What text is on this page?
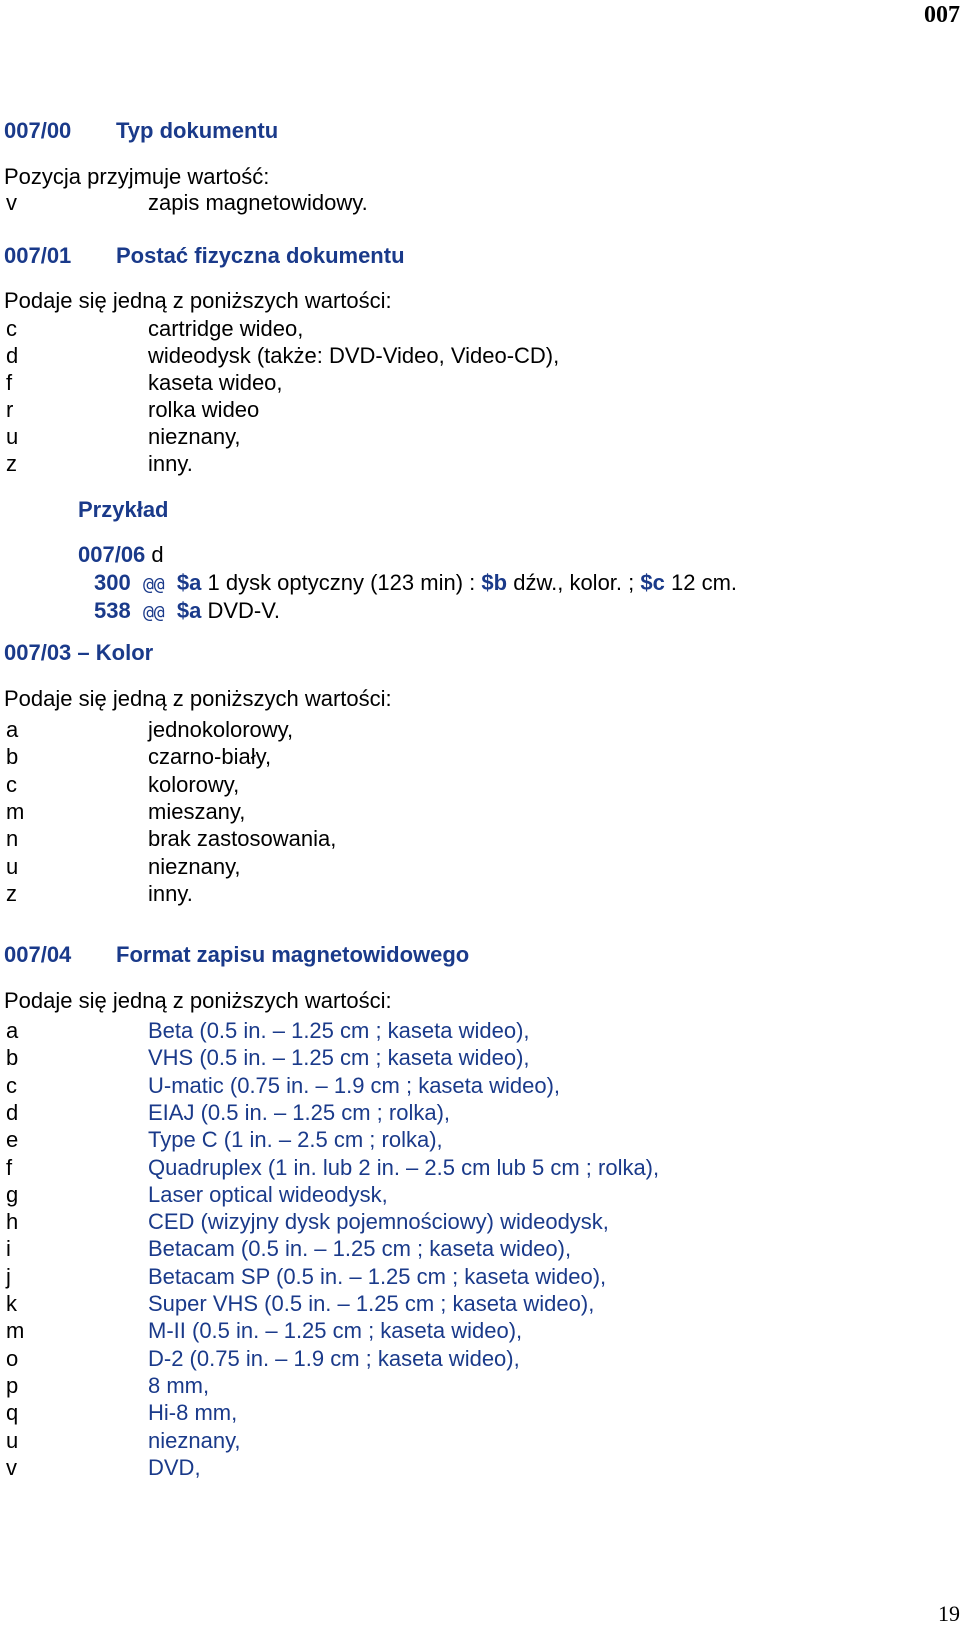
007
007/00 Typ dokumentu
Pozycja przyjmuje wartość:
v	zapis magnetowidowy.
007/01 Postać fizyczna dokumentu
Podaje się jedną z poniższych wartości:
c	cartridge wideo,
d	wideodysk (także: DVD-Video, Video-CD),
f	kaseta wideo,
r	rolka wideo
u	nieznany,
z	inny.
Przykład
007/06 d
300 @@ $a 1 dysk optyczny (123 min) : $b dźw., kolor. ; $c 12 cm.
538 @@ $a DVD-V.
007/03 – Kolor
Podaje się jedną z poniższych wartości:
a	jednokolorowy,
b	czarno-biały,
c	kolorowy,
m	mieszany,
n	brak zastosowania,
u	nieznany,
z	inny.
007/04 Format zapisu magnetowidowego
Podaje się jedną z poniższych wartości:
a	Beta (0.5 in. – 1.25 cm ; kaseta wideo),
b	VHS (0.5 in. – 1.25 cm ; kaseta wideo),
c	U-matic (0.75 in. – 1.9 cm ; kaseta wideo),
d	EIAJ (0.5 in. – 1.25 cm ; rolka),
e	Type C (1 in. – 2.5 cm ; rolka),
f	Quadruplex (1 in. lub 2 in. – 2.5 cm lub 5 cm ; rolka),
g	Laser optical wideodysk,
h	CED (wizyjny dysk pojemnościowy) wideodysk,
i	Betacam (0.5 in. – 1.25 cm ; kaseta wideo),
j	Betacam SP (0.5 in. – 1.25 cm ; kaseta wideo),
k	Super VHS (0.5 in. – 1.25 cm ; kaseta wideo),
m	M-II (0.5 in. – 1.25 cm ; kaseta wideo),
o	D-2 (0.75 in. – 1.9 cm ; kaseta wideo),
p	8 mm,
q	Hi-8 mm,
u	nieznany,
v	DVD,
19
